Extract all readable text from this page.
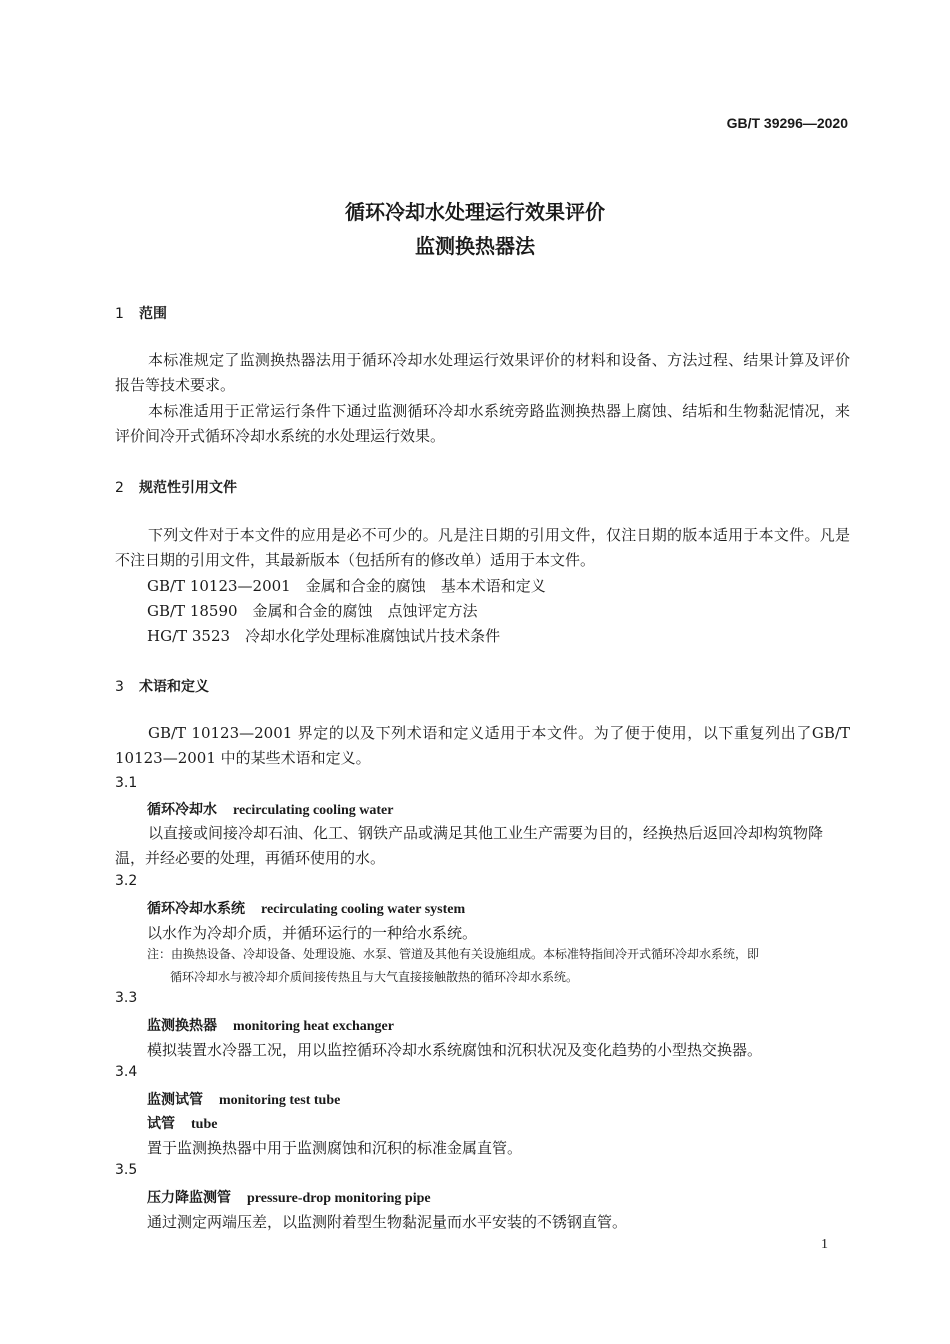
GB/T 39296—2020
循环冷却水处理运行效果评价
监测换热器法
1 范围
本标准规定了监测换热器法用于循环冷却水处理运行效果评价的材料和设备、方法过程、结果计算及评价报告等技术要求。
本标准适用于正常运行条件下通过监测循环冷却水系统旁路监测换热器上腐蚀、结垢和生物黏泥情况，来评价间冷开式循环冷却水系统的水处理运行效果。
2 规范性引用文件
下列文件对于本文件的应用是必不可少的。凡是注日期的引用文件，仅注日期的版本适用于本文件。凡是不注日期的引用文件，其最新版本（包括所有的修改单）适用于本文件。
GB/T 10123—2001　金属和合金的腐蚀　基本术语和定义
GB/T 18590　金属和合金的腐蚀　点蚀评定方法
HG/T 3523　冷却水化学处理标准腐蚀试片技术条件
3 术语和定义
GB/T 10123—2001 界定的以及下列术语和定义适用于本文件。为了便于使用，以下重复列出了GB/T 10123—2001 中的某些术语和定义。
3.1
循环冷却水 recirculating cooling water
以直接或间接冷却石油、化工、钢铁产品或满足其他工业生产需要为目的，经换热后返回冷却构筑物降温，并经必要的处理，再循环使用的水。
3.2
循环冷却水系统 recirculating cooling water system
以水作为冷却介质，并循环运行的一种给水系统。
注：由换热设备、冷却设备、处理设施、水泵、管道及其他有关设施组成。本标准特指间冷开式循环冷却水系统，即
循环冷却水与被冷却介质间接传热且与大气直接接触散热的循环冷却水系统。
3.3
监测换热器 monitoring heat exchanger
模拟装置水冷器工况，用以监控循环冷却水系统腐蚀和沉积状况及变化趋势的小型热交换器。
3.4
监测试管 monitoring test tube
试管 tube
置于监测换热器中用于监测腐蚀和沉积的标准金属直管。
3.5
压力降监测管 pressure-drop monitoring pipe
通过测定两端压差，以监测附着型生物黏泥量而水平安装的不锈钢直管。
1
